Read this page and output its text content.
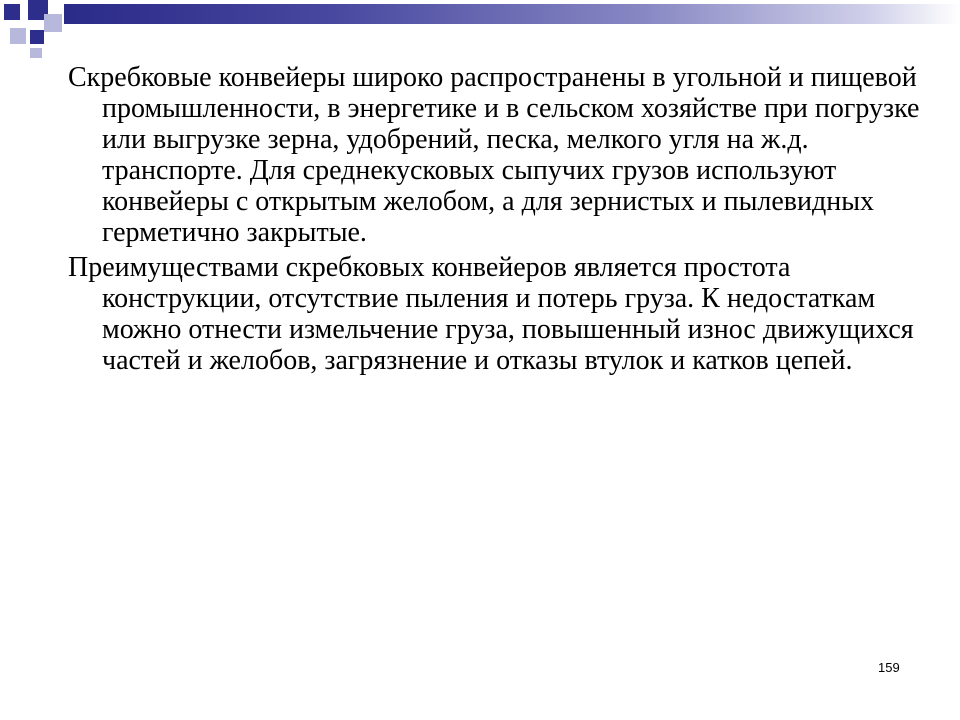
Скребковые конвейеры широко распространены в угольной и пищевой промышленности, в энергетике и в сельском хозяйстве при погрузке или выгрузке зерна, удобрений, песка, мелкого угля на ж.д. транспорте. Для среднекусковых сыпучих грузов используют конвейеры с открытым желобом, а для зернистых и пылевидных герметично закрытые.

Преимуществами скребковых конвейеров является простота конструкции, отсутствие пыления и потерь груза. К недостаткам можно отнести измельчение груза, повышенный износ движущихся частей и желобов, загрязнение и отказы втулок и катков цепей.

159
